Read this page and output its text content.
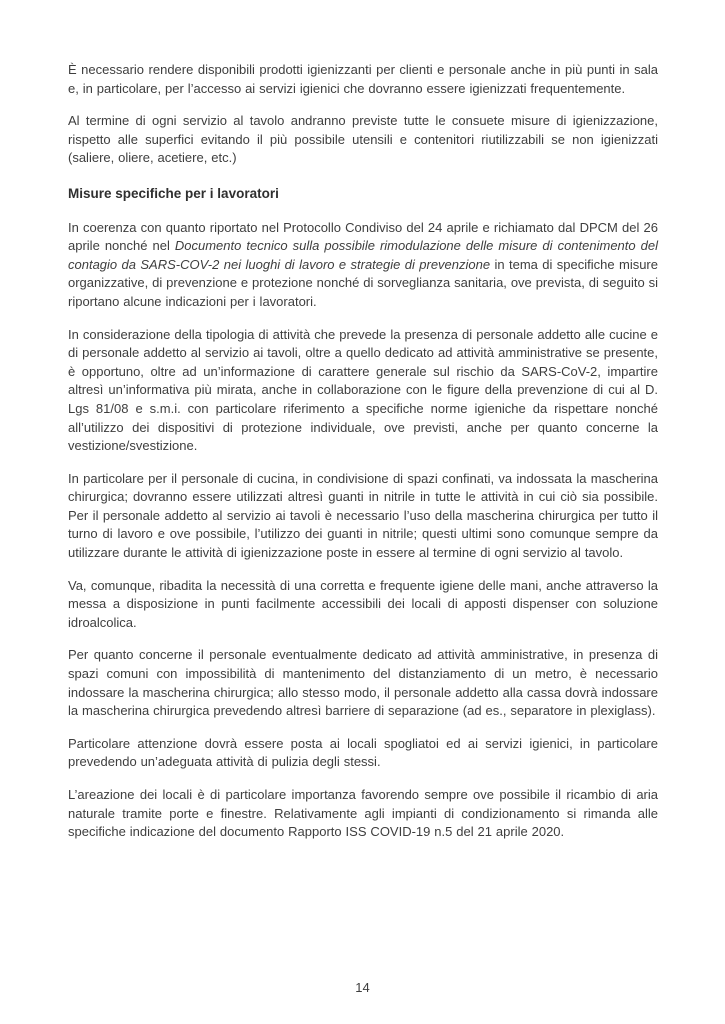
È necessario rendere disponibili prodotti igienizzanti per clienti e personale anche in più punti in sala e, in particolare, per l’accesso ai servizi igienici che dovranno essere igienizzati frequentemente.

Al termine di ogni servizio al tavolo andranno previste tutte le consuete misure di igienizzazione, rispetto alle superfici evitando il più possibile utensili e contenitori riutilizzabili se non igienizzati (saliere, oliere, acetiere, etc.)

Misure specifiche per i lavoratori

In coerenza con quanto riportato nel Protocollo Condiviso del 24 aprile e richiamato dal DPCM del 26 aprile nonché nel Documento tecnico sulla possibile rimodulazione delle misure di contenimento del contagio da SARS-COV-2 nei luoghi di lavoro e strategie di prevenzione in tema di specifiche misure organizzative, di prevenzione e protezione nonché di sorveglianza sanitaria, ove prevista, di seguito si riportano alcune indicazioni per i lavoratori.

In considerazione della tipologia di attività che prevede la presenza di personale addetto alle cucine e di personale addetto al servizio ai tavoli, oltre a quello dedicato ad attività amministrative se presente, è opportuno, oltre ad un’informazione di carattere generale sul rischio da SARS-CoV-2, impartire altresì un’informativa più mirata, anche in collaborazione con le figure della prevenzione di cui al D. Lgs 81/08 e s.m.i. con particolare riferimento a specifiche norme igieniche da rispettare nonché all’utilizzo dei dispositivi di protezione individuale, ove previsti, anche per quanto concerne la vestizione/svestizione.

In particolare per il personale di cucina, in condivisione di spazi confinati, va indossata la mascherina chirurgica; dovranno essere utilizzati altresì guanti in nitrile in tutte le attività in cui ciò sia possibile. Per il personale addetto al servizio ai tavoli è necessario l’uso della mascherina chirurgica per tutto il turno di lavoro e ove possibile, l’utilizzo dei guanti in nitrile; questi ultimi sono comunque sempre da utilizzare durante le attività di igienizzazione poste in essere al termine di ogni servizio al tavolo.

Va, comunque, ribadita la necessità di una corretta e frequente igiene delle mani, anche attraverso la messa a disposizione in punti facilmente accessibili dei locali di apposti dispenser con soluzione idroalcolica.

Per quanto concerne il personale eventualmente dedicato ad attività amministrative, in presenza di spazi comuni con impossibilità di mantenimento del distanziamento di un metro, è necessario indossare la mascherina chirurgica; allo stesso modo, il personale addetto alla cassa dovrà indossare la mascherina chirurgica prevedendo altresì barriere di separazione (ad es., separatore in plexiglass).

Particolare attenzione dovrà essere posta ai locali spogliatoi ed ai servizi igienici, in particolare prevedendo un’adeguata attività di pulizia degli stessi.

L’areazione dei locali è di particolare importanza favorendo sempre ove possibile il ricambio di aria naturale tramite porte e finestre. Relativamente agli impianti di condizionamento si rimanda alle specifiche indicazione del documento Rapporto ISS COVID-19 n.5 del 21 aprile 2020.

14
